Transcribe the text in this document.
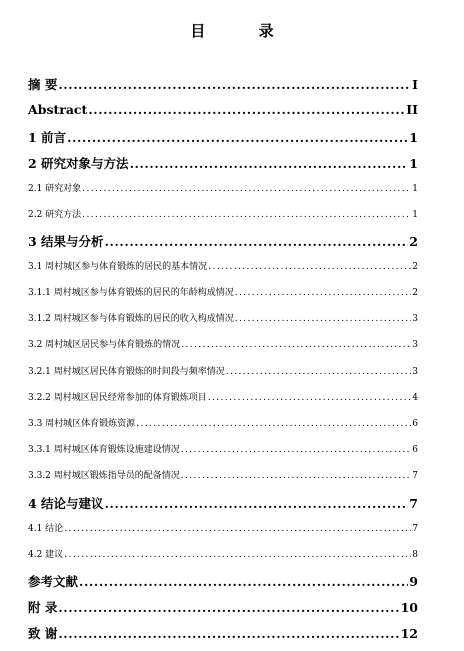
目 录
摘 要 .....	I
Abstract .....	II
1 前言 .....	1
2 研究对象与方法 .....	1
2.1 研究对象 .....	1
2.2 研究方法 .....	1
3 结果与分析 .....	2
3.1 周村城区参与体育锻炼的居民的基本情况 .....	2
3.1.1 周村城区参与体育锻炼的居民的年龄构成情况 .....	2
3.1.2 周村城区参与体育锻炼的居民的收入构成情况 .....	3
3.2 周村城区居民参与体育锻炼的情况 .....	3
3.2.1 周村城区居民体育锻炼的时间段与频率情况 .....	3
3.2.2 周村城区居民经常参加的体育锻炼项目 .....	4
3.3 周村城区体育锻炼资源 .....	6
3.3.1 周村城区体育锻炼设施建设情况 .....	6
3.3.2 周村城区锻炼指导员的配备情况 .....	7
4 结论与建议 .....	7
4.1 结论 .....	7
4.2 建议 .....	8
参考文献 .....	9
附 录 .....	10
致 谢 .....	12
